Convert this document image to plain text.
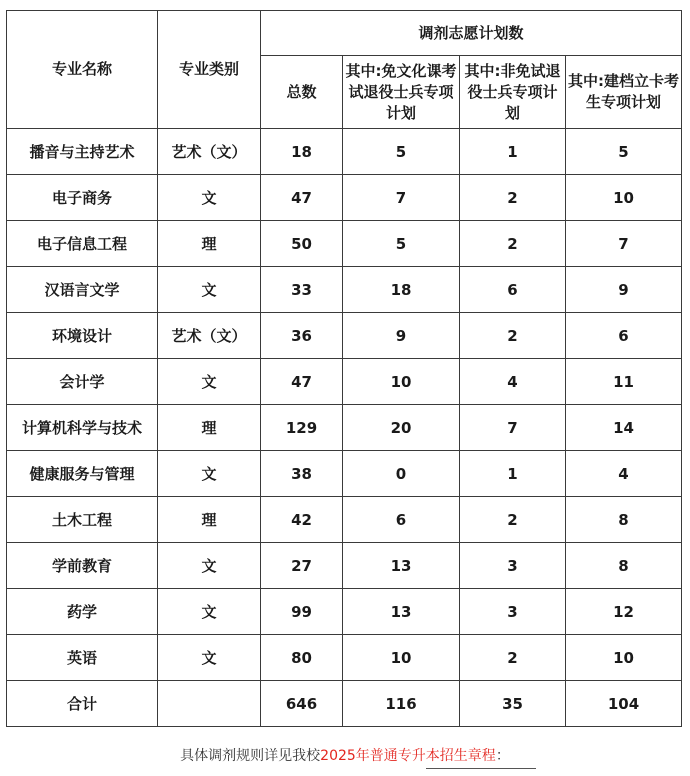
专业名称	专业类别	调剂志愿计划数			
		总数	其中:免文化课考试退役士兵专项计划	其中:非免试退役士兵专项计划	其中:建档立卡考生专项计划
播音与主持艺术	艺术（文）	18	5	1	5
电子商务	文	47	7	2	10
电子信息工程	理	50	5	2	7
汉语言文学	文	33	18	6	9
环境设计	艺术（文）	36	9	2	6
会计学	文	47	10	4	11
计算机科学与技术	理	129	20	7	14
健康服务与管理	文	38	0	1	4
土木工程	理	42	6	2	8
学前教育	文	27	13	3	8
药学	文	99	13	3	12
英语	文	80	10	2	10
合计		646	116	35	104
具体调剂规则详见我校2025年普通专升本招生章程：
